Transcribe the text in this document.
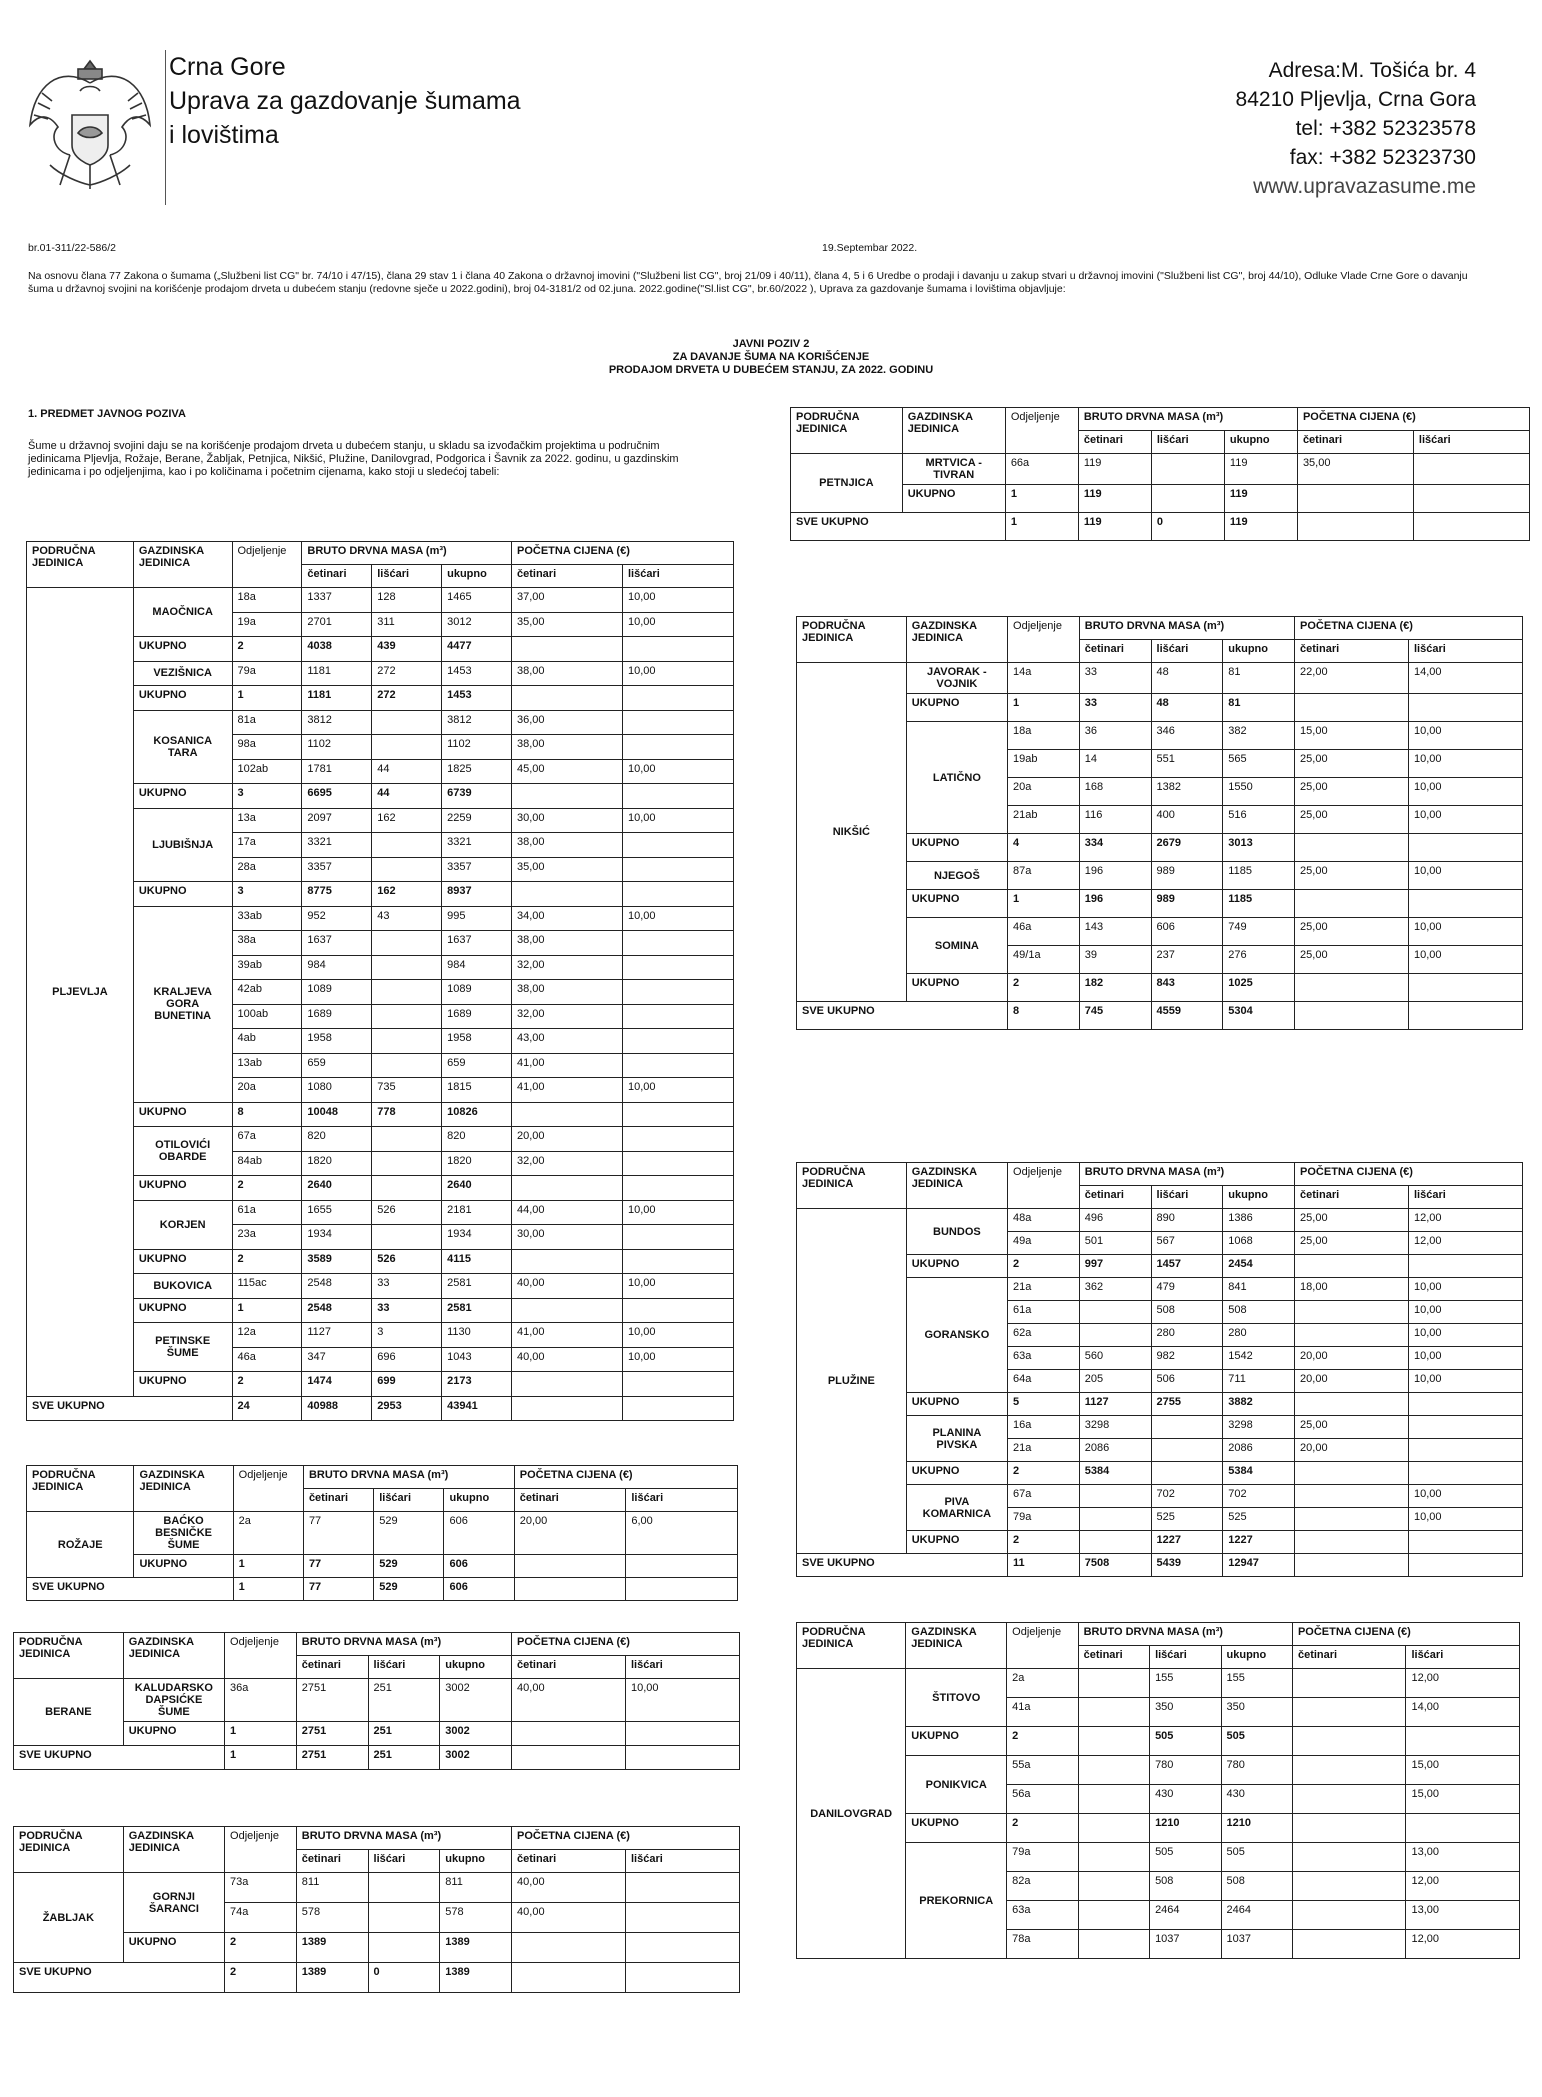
Crna Gore
Uprava za gazdovanje šumama
i lovištima
Adresa:M. Tošića br. 4
84210 Pljevlja, Crna Gora
tel: +382 52323578
fax: +382 52323730
www.upravazasume.me
br.01-311/22-586/2	19.Septembar 2022.
Na osnovu člana 77 Zakona o šumama („Službeni list CG" br. 74/10 i 47/15), člana 29 stav 1 i člana 40 Zakona o državnoj imovini ("Službeni list CG", broj 21/09 i 40/11), člana 4, 5 i 6 Uredbe o prodaji i davanju u zakup stvari u državnoj imovini ("Službeni list CG", broj 44/10), Odluke Vlade Crne Gore o davanju šuma u državnoj svojini na korišćenje prodajom drveta u dubećem stanju (redovne sječe u 2022.godini), broj 04-3181/2 od 02.juna. 2022.godine("Sl.list CG", br.60/2022 ), Uprava za gazdovanje šumama i lovištima objavljuje:
JAVNI POZIV 2
ZA DAVANJE ŠUMA NA KORIŠĆENJE
PRODAJOM DRVETA U DUBEĆEM STANJU, ZA 2022. GODINU
1. PREDMET JAVNOG POZIVA
Šume u državnoj svojini daju se na korišćenje prodajom drveta u dubećem stanju, u skladu sa izvođačkim projektima u područnim jedinicama Pljevlja, Rožaje, Berane, Žabljak, Petnjica, Nikšić, Plužine, Danilovgrad, Podgorica i Šavnik za 2022. godinu, u gazdinskim jedinicama i po odjeljenjima, kao i po količinama i početnim cijenama, kako stoji u sledećoj tabeli:
PODRUČNA JEDINICA	GAZDINSKA JEDINICA	Odjeljenje	BRUTO DRVNA MASA (m³)			POČETNA CIJENA (€)	
			četinari	lišćari	ukupno	četinari	lišćari
PLJEVLJA	MAOČNICA	18a	1337	128	1465	37,00	10,00
		19a	2701	311	3012	35,00	10,00
	UKUPNO	2	4038	439	4477		
	VEZIŠNICA	79a	1181	272	1453	38,00	10,00
	UKUPNO	1	1181	272	1453		
	KOSANICA TARA	81a	3812		3812	36,00	
		98a	1102		1102	38,00	
		102ab	1781	44	1825	45,00	10,00
	UKUPNO	3	6695	44	6739		
	LJUBIŠNJA	13a	2097	162	2259	30,00	10,00
		17a	3321		3321	38,00	
		28a	3357		3357	35,00	
	UKUPNO	3	8775	162	8937		
	KRALJEVA GORA BUNETINA	33ab	952	43	995	34,00	10,00
		38a	1637		1637	38,00	
		39ab	984		984	32,00	
		42ab	1089		1089	38,00	
		100ab	1689		1689	32,00	
		4ab	1958		1958	43,00	
		13ab	659		659	41,00	
		20a	1080	735	1815	41,00	10,00
	UKUPNO	8	10048	778	10826		
	OTILOVIĆI OBARDE	67a	820		820	20,00	
		84ab	1820		1820	32,00	
	UKUPNO	2	2640		2640		
	KORJEN	61a	1655	526	2181	44,00	10,00
		23a	1934		1934	30,00	
	UKUPNO	2	3589	526	4115		
	BUKOVICA	115ac	2548	33	2581	40,00	10,00
	UKUPNO	1	2548	33	2581		
	PETINSKE ŠUME	12a	1127	3	1130	41,00	10,00
		46a	347	696	1043	40,00	10,00
	UKUPNO	2	1474	699	2173		
SVE UKUPNO		24	40988	2953	43941		
PODRUČNA JEDINICA	GAZDINSKA JEDINICA	Odjeljenje	BRUTO DRVNA MASA (m³)			POČETNA CIJENA (€)	
			četinari	lišćari	ukupno	četinari	lišćari
ROŽAJE	BAĆKO BESNIČKE ŠUME	2a	77	529	606	20,00	6,00
	UKUPNO	1	77	529	606		
SVE UKUPNO		1	77	529	606		
PODRUČNA JEDINICA	GAZDINSKA JEDINICA	Odjeljenje	BRUTO DRVNA MASA (m³)			POČETNA CIJENA (€)	
			četinari	lišćari	ukupno	četinari	lišćari
BERANE	KALUDARSKO DAPSIĆKE ŠUME	36a	2751	251	3002	40,00	10,00
	UKUPNO	1	2751	251	3002		
SVE UKUPNO		1	2751	251	3002		
PODRUČNA JEDINICA	GAZDINSKA JEDINICA	Odjeljenje	BRUTO DRVNA MASA (m³)			POČETNA CIJENA (€)	
			četinari	lišćari	ukupno	četinari	lišćari
ŽABLJAK	GORNJI ŠARANCI	73a	811		811	40,00	
		74a	578		578	40,00	
	UKUPNO	2	1389		1389		
SVE UKUPNO		2	1389	0	1389		
PODRUČNA JEDINICA	GAZDINSKA JEDINICA	Odjeljenje	BRUTO DRVNA MASA (m³)			POČETNA CIJENA (€)	
			četinari	lišćari	ukupno	četinari	lišćari
PETNJICA	MRTVICA - TIVRAN	66a	119		119	35,00	
	UKUPNO	1	119		119		
SVE UKUPNO		1	119	0	119		
PODRUČNA JEDINICA	GAZDINSKA JEDINICA	Odjeljenje	BRUTO DRVNA MASA (m³)			POČETNA CIJENA (€)	
			četinari	lišćari	ukupno	četinari	lišćari
NIKŠIĆ	JAVORAK - VOJNIK	14a	33	48	81	22,00	14,00
	UKUPNO	1	33	48	81		
	LATIČNO	18a	36	346	382	15,00	10,00
		19ab	14	551	565	25,00	10,00
		20a	168	1382	1550	25,00	10,00
		21ab	116	400	516	25,00	10,00
	UKUPNO	4	334	2679	3013		
	NJEGOŠ	87a	196	989	1185	25,00	10,00
	UKUPNO	1	196	989	1185		
	SOMINA	46a	143	606	749	25,00	10,00
		49/1a	39	237	276	25,00	10,00
	UKUPNO	2	182	843	1025		
SVE UKUPNO		8	745	4559	5304		
PODRUČNA JEDINICA	GAZDINSKA JEDINICA	Odjeljenje	BRUTO DRVNA MASA (m³)			POČETNA CIJENA (€)	
			četinari	lišćari	ukupno	četinari	lišćari
PLUŽINE	BUNDOS	48a	496	890	1386	25,00	12,00
		49a	501	567	1068	25,00	12,00
	UKUPNO	2	997	1457	2454		
	GORANSKO	21a	362	479	841	18,00	10,00
		61a		508	508		10,00
		62a		280	280		10,00
		63a	560	982	1542	20,00	10,00
		64a	205	506	711	20,00	10,00
	UKUPNO	5	1127	2755	3882		
	PLANINA PIVSKA	16a	3298		3298	25,00	
		21a	2086		2086	20,00	
	UKUPNO	2	5384		5384		
	PIVA KOMARNICA	67a		702	702		10,00
		79a		525	525		10,00
	UKUPNO	2		1227	1227		
SVE UKUPNO		11	7508	5439	12947		
PODRUČNA JEDINICA	GAZDINSKA JEDINICA	Odjeljenje	BRUTO DRVNA MASA (m³)			POČETNA CIJENA (€)	
			četinari	lišćari	ukupno	četinari	lišćari
DANILOVGRAD	ŠTITOVO	2a		155	155		12,00
		41a		350	350		14,00
	UKUPNO	2		505	505		
	PONIKVICA	55a		780	780		15,00
		56a		430	430		15,00
	UKUPNO	2		1210	1210		
	PREKORNICA	79a		505	505		13,00
		82a		508	508		12,00
		63a		2464	2464		13,00
		78a		1037	1037		12,00
